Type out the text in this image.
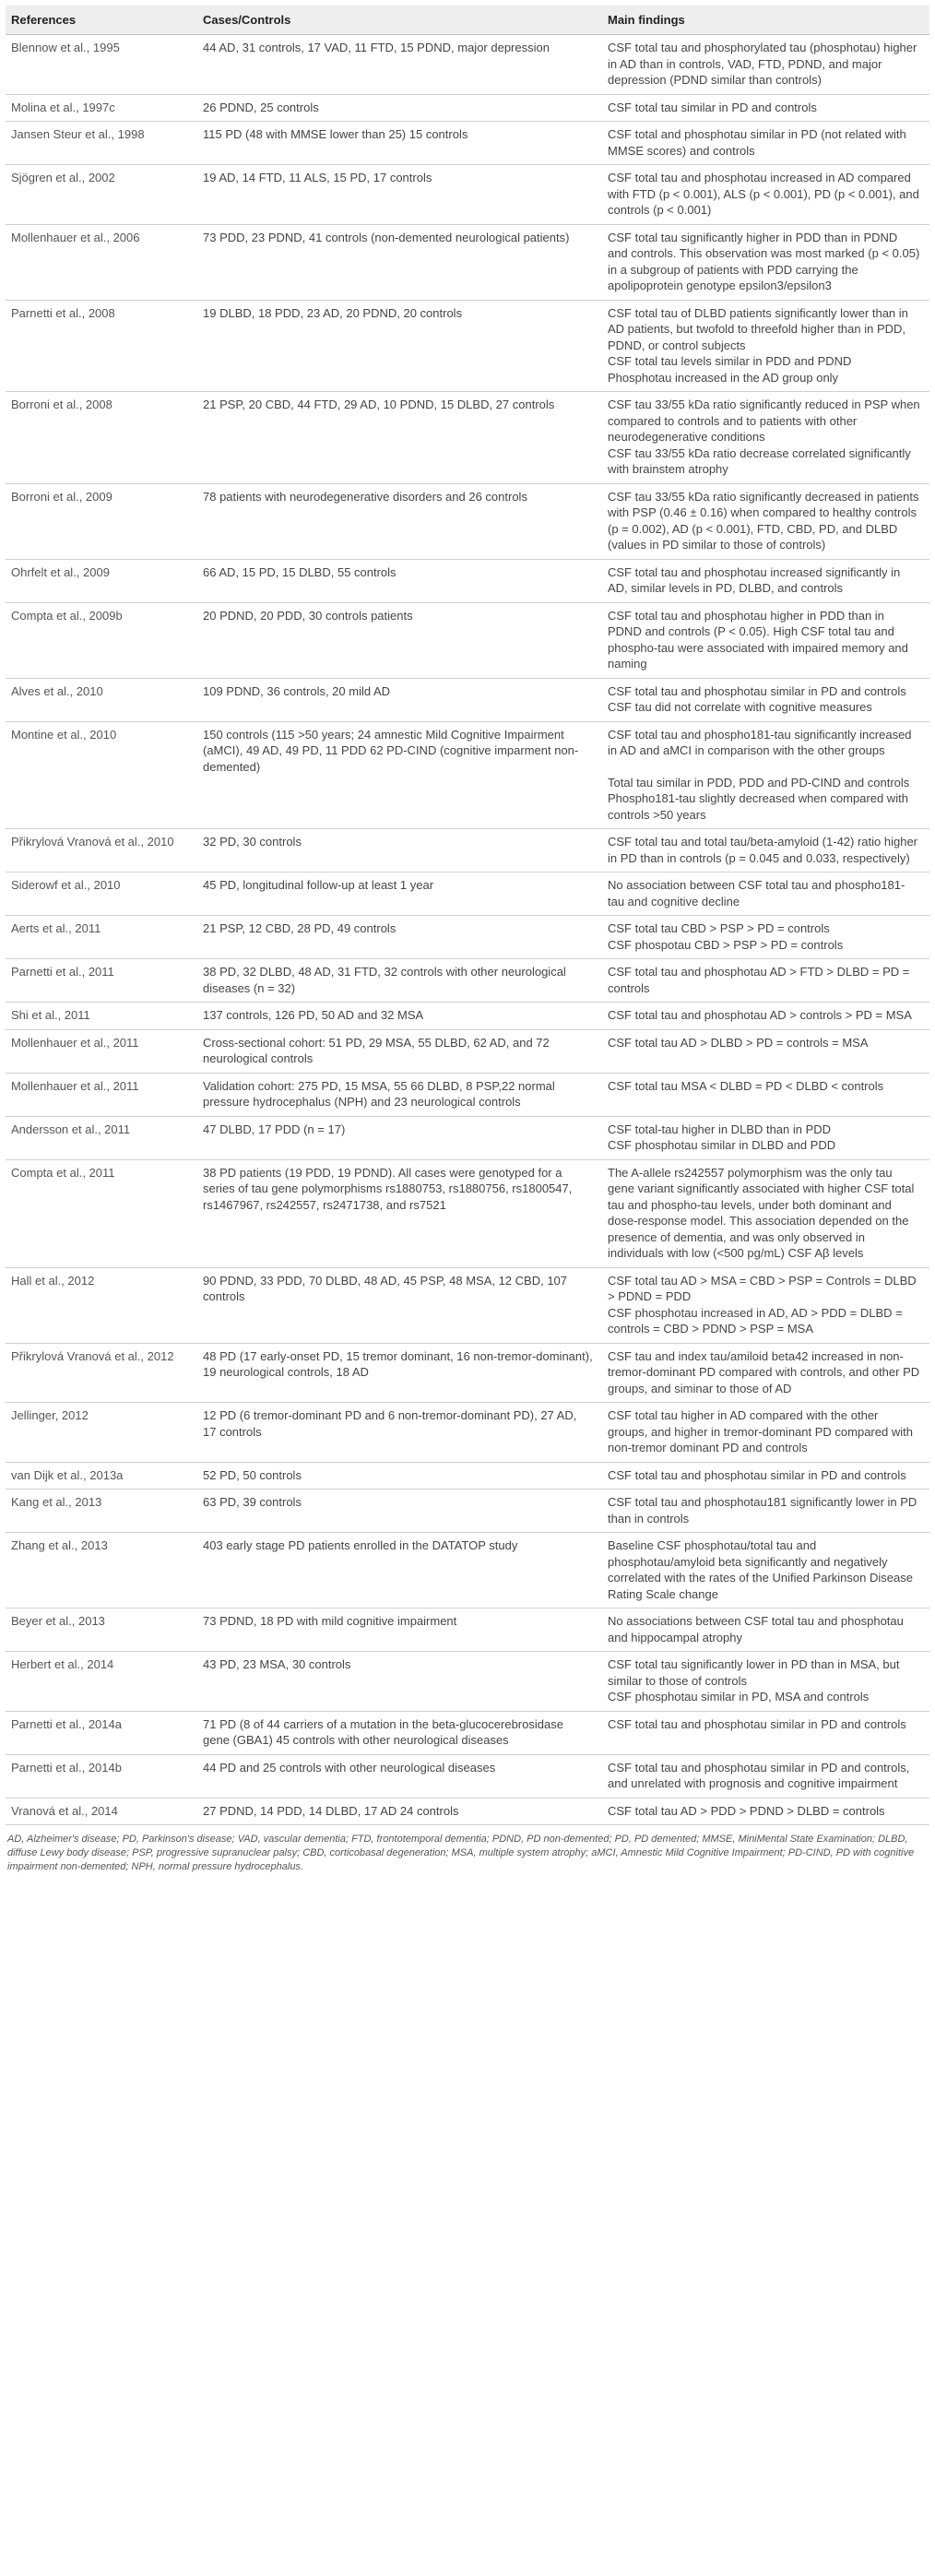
References	Cases/Controls	Main findings
Blennow et al., 1995	44 AD, 31 controls, 17 VAD, 11 FTD, 15 PDND, major depression	CSF total tau and phosphorylated tau (phosphotau) higher in AD than in controls, VAD, FTD, PDND, and major depression (PDND similar than controls)

Molina et al., 1997c	26 PDND, 25 controls	CSF total tau similar in PD and controls

Jansen Steur et al., 1998	115 PD (48 with MMSE lower than 25) 15 controls	CSF total and phosphotau similar in PD (not related with MMSE scores) and controls

Sjögren et al., 2002	19 AD, 14 FTD, 11 ALS, 15 PD, 17 controls	CSF total tau and phosphotau increased in AD compared with FTD (p < 0.001), ALS (p < 0.001), PD (p < 0.001), and controls (p < 0.001)

Mollenhauer et al., 2006	73 PDD, 23 PDND, 41 controls (non-demented neurological patients)	CSF total tau significantly higher in PDD than in PDND and controls. This observation was most marked (p < 0.05) in a subgroup of patients with PDD carrying the apolipoprotein genotype epsilon3/epsilon3

Parnetti et al., 2008	19 DLBD, 18 PDD, 23 AD, 20 PDND, 20 controls	CSF total tau of DLBD patients significantly lower than in AD patients, but twofold to threefold higher than in PDD, PDND, or control subjects

CSF total tau levels similar in PDD and PDND

Phosphotau increased in the AD group only

Borroni et al., 2008	21 PSP, 20 CBD, 44 FTD, 29 AD, 10 PDND, 15 DLBD, 27 controls	CSF tau 33/55 kDa ratio significantly reduced in PSP when compared to controls and to patients with other neurodegenerative conditions

CSF tau 33/55 kDa ratio decrease correlated significantly with brainstem atrophy

Borroni et al., 2009	78 patients with neurodegenerative disorders and 26 controls	CSF tau 33/55 kDa ratio significantly decreased in patients with PSP (0.46 ± 0.16) when compared to healthy controls (p = 0.002), AD (p < 0.001), FTD, CBD, PD, and DLBD (values in PD similar to those of controls)

Ohrfelt et al., 2009	66 AD, 15 PD, 15 DLBD, 55 controls	CSF total tau and phosphotau increased significantly in AD, similar levels in PD, DLBD, and controls

Compta et al., 2009b	20 PDND, 20 PDD, 30 controls patients	CSF total tau and phosphotau higher in PDD than in PDND and controls (P < 0.05). High CSF total tau and phospho-tau were associated with impaired memory and naming

Alves et al., 2010	109 PDND, 36 controls, 20 mild AD	CSF total tau and phosphotau similar in PD and controls

CSF tau did not correlate with cognitive measures

Montine et al., 2010	150 controls (115 >50 years; 24 amnestic Mild Cognitive Impairment (aMCI), 49 AD, 49 PD, 11 PDD 62 PD-CIND (cognitive imparment non-demented)	CSF total tau and phospho181-tau significantly increased in AD and aMCI in comparison with the other groups

Total tau similar in PDD, PDD and PD-CIND and controls

Phospho181-tau slightly decreased when compared with controls >50 years

Přikrylová Vranová et al., 2010	32 PD, 30 controls	CSF total tau and total tau/beta-amyloid (1-42) ratio higher in PD than in controls (p = 0.045 and 0.033, respectively)

Siderowf et al., 2010	45 PD, longitudinal follow-up at least 1 year	No association between CSF total tau and phospho181-tau and cognitive decline

Aerts et al., 2011	21 PSP, 12 CBD, 28 PD, 49 controls	CSF total tau CBD > PSP > PD = controls

CSF phospotau CBD > PSP > PD = controls

Parnetti et al., 2011	38 PD, 32 DLBD, 48 AD, 31 FTD, 32 controls with other neurological diseases (n = 32)	CSF total tau and phosphotau AD > FTD > DLBD = PD = controls

Shi et al., 2011	137 controls, 126 PD, 50 AD and 32 MSA	CSF total tau and phosphotau AD > controls > PD = MSA

Mollenhauer et al., 2011	Cross-sectional cohort: 51 PD, 29 MSA, 55 DLBD, 62 AD, and 72 neurological controls	CSF total tau AD > DLBD > PD = controls = MSA

Mollenhauer et al., 2011	Validation cohort: 275 PD, 15 MSA, 55 66 DLBD, 8 PSP,22 normal pressure hydrocephalus (NPH) and 23 neurological controls	CSF total tau MSA < DLBD = PD < DLBD < controls

Andersson et al., 2011	47 DLBD, 17 PDD (n = 17)	CSF total-tau higher in DLBD than in PDD

CSF phosphotau similar in DLBD and PDD

Compta et al., 2011	38 PD patients (19 PDD, 19 PDND). All cases were genotyped for a series of tau gene polymorphisms rs1880753, rs1880756, rs1800547, rs1467967, rs242557, rs2471738, and rs7521	The A-allele rs242557 polymorphism was the only tau gene variant significantly associated with higher CSF total tau and phospho-tau levels, under both dominant and dose-response model. This association depended on the presence of dementia, and was only observed in individuals with low (<500 pg/mL) CSF Aβ levels

Hall et al., 2012	90 PDND, 33 PDD, 70 DLBD, 48 AD, 45 PSP, 48 MSA, 12 CBD, 107 controls	CSF total tau AD > MSA = CBD > PSP = Controls = DLBD > PDND = PDD

CSF phosphotau increased in AD, AD > PDD = DLBD = controls = CBD > PDND > PSP = MSA

Přikrylová Vranová et al., 2012	48 PD (17 early-onset PD, 15 tremor dominant, 16 non-tremor-dominant), 19 neurological controls, 18 AD	CSF tau and index tau/amiloid beta42 increased in non-tremor-dominant PD compared with controls, and other PD groups, and siminar to those of AD

Jellinger, 2012	12 PD (6 tremor-dominant PD and 6 non-tremor-dominant PD), 27 AD, 17 controls	CSF total tau higher in AD compared with the other groups, and higher in tremor-dominant PD compared with non-tremor dominant PD and controls

van Dijk et al., 2013a	52 PD, 50 controls	CSF total tau and phosphotau similar in PD and controls

Kang et al., 2013	63 PD, 39 controls	CSF total tau and phosphotau181 significantly lower in PD than in controls

Zhang et al., 2013	403 early stage PD patients enrolled in the DATATOP study	Baseline CSF phosphotau/total tau and phosphotau/amyloid beta significantly and negatively correlated with the rates of the Unified Parkinson Disease Rating Scale change

Beyer et al., 2013	73 PDND, 18 PD with mild cognitive impairment	No associations between CSF total tau and phosphotau and hippocampal atrophy

Herbert et al., 2014	43 PD, 23 MSA, 30 controls	CSF total tau significantly lower in PD than in MSA, but similar to those of controls

CSF phosphotau similar in PD, MSA and controls

Parnetti et al., 2014a	71 PD (8 of 44 carriers of a mutation in the beta-glucocerebrosidase gene (GBA1) 45 controls with other neurological diseases	CSF total tau and phosphotau similar in PD and controls

Parnetti et al., 2014b	44 PD and 25 controls with other neurological diseases	CSF total tau and phosphotau similar in PD and controls, and unrelated with prognosis and cognitive impairment

Vranová et al., 2014	27 PDND, 14 PDD, 14 DLBD, 17 AD 24 controls	CSF total tau AD > PDD > PDND > DLBD = controls

AD, Alzheimer's disease; PD, Parkinson's disease; VAD, vascular dementia; FTD, frontotemporal dementia; PDND, PD non-demented; PD, PD demented; MMSE, MiniMental State Examination; DLBD, diffuse Lewy body disease; PSP, progressive supranuclear palsy; CBD, corticobasal degeneration; MSA, multiple system atrophy; aMCI, Amnestic Mild Cognitive Impairment; PD-CIND, PD with cognitive impairment non-demented; NPH, normal pressure hydrocephalus.
